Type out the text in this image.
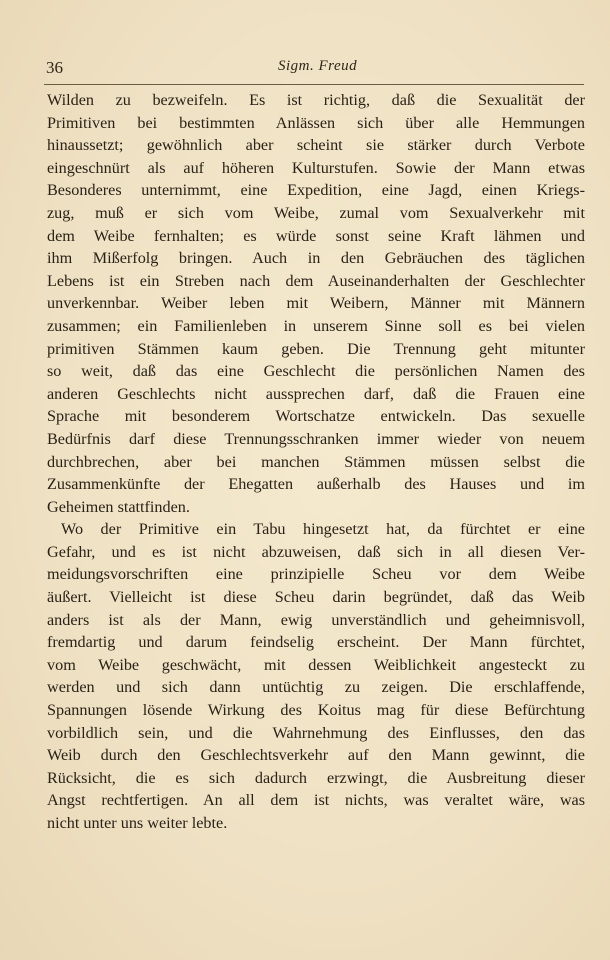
36	Sigm. Freud
Wilden zu bezweifeln. Es ist richtig, daß die Sexualität der
Primitiven bei bestimmten Anlässen sich über alle Hemmungen
hinaussetzt; gewöhnlich aber scheint sie stärker durch Verbote
eingeschnürt als auf höheren Kulturstufen. Sowie der Mann etwas
Besonderes unternimmt, eine Expedition, eine Jagd, einen Kriegs-
zug, muß er sich vom Weibe, zumal vom Sexualverkehr mit
dem Weibe fernhalten; es würde sonst seine Kraft lähmen und
ihm Mißerfolg bringen. Auch in den Gebräuchen des täglichen
Lebens ist ein Streben nach dem Auseinanderhalten der Geschlechter
unverkennbar. Weiber leben mit Weibern, Männer mit Männern
zusammen; ein Familienleben in unserem Sinne soll es bei vielen
primitiven Stämmen kaum geben. Die Trennung geht mitunter
so weit, daß das eine Geschlecht die persönlichen Namen des
anderen Geschlechts nicht aussprechen darf, daß die Frauen eine
Sprache mit besonderem Wortschatze entwickeln. Das sexuelle
Bedürfnis darf diese Trennungsschranken immer wieder von neuem
durchbrechen, aber bei manchen Stämmen müssen selbst die
Zusammenkünfte der Ehegatten außerhalb des Hauses und im
Geheimen stattfinden.
Wo der Primitive ein Tabu hingesetzt hat, da fürchtet er eine
Gefahr, und es ist nicht abzuweisen, daß sich in all diesen Ver-
meidungsvorschriften eine prinzipielle Scheu vor dem Weibe
äußert. Vielleicht ist diese Scheu darin begründet, daß das Weib
anders ist als der Mann, ewig unverständlich und geheimnisvoll,
fremdartig und darum feindselig erscheint. Der Mann fürchtet,
vom Weibe geschwächt, mit dessen Weiblichkeit angesteckt zu
werden und sich dann untüchtig zu zeigen. Die erschlaffende,
Spannungen lösende Wirkung des Koitus mag für diese Befürchtung
vorbildlich sein, und die Wahrnehmung des Einflusses, den das
Weib durch den Geschlechtsverkehr auf den Mann gewinnt, die
Rücksicht, die es sich dadurch erzwingt, die Ausbreitung dieser
Angst rechtfertigen. An all dem ist nichts, was veraltet wäre, was
nicht unter uns weiter lebte.
